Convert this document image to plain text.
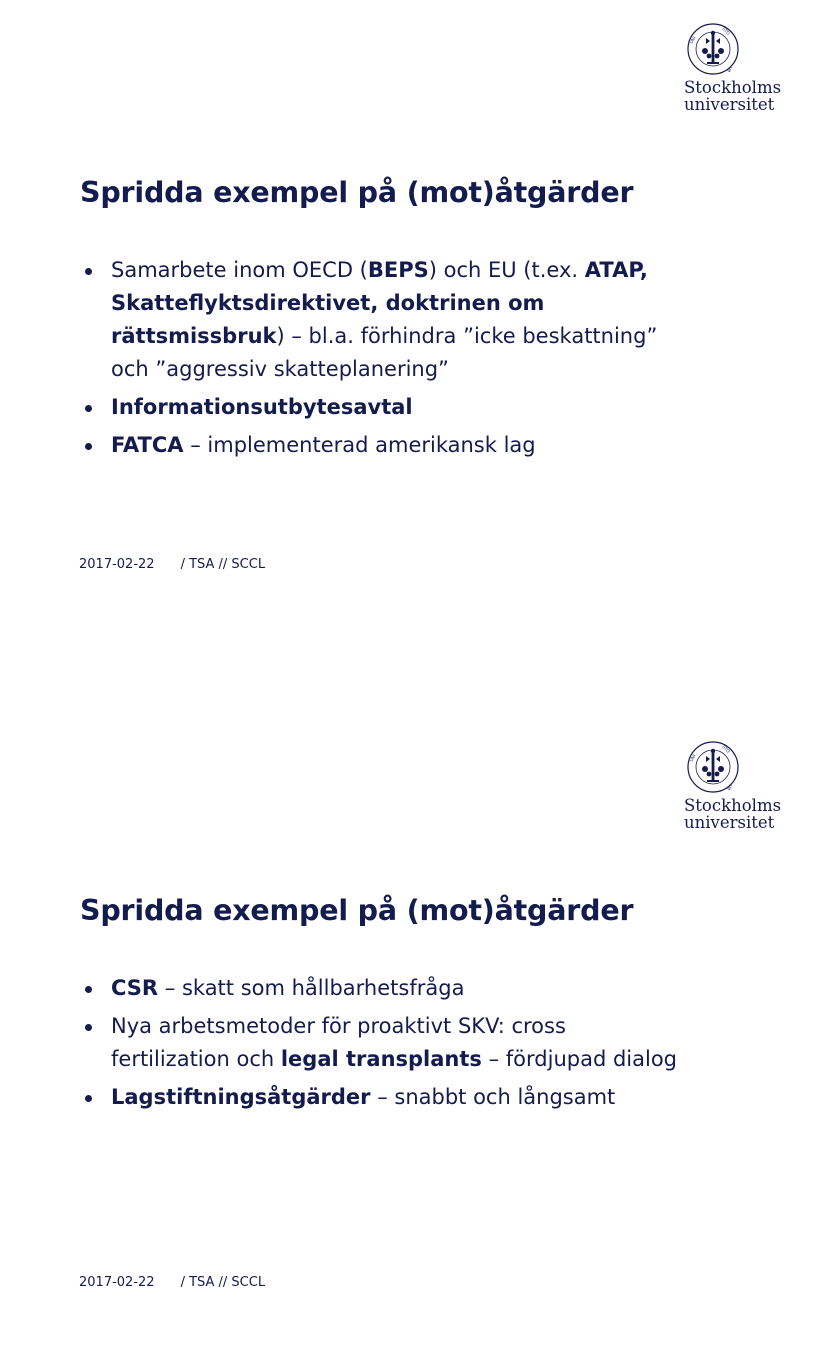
UNI
STO
LM
Stockholms
universitet
Spridda exempel på (mot)åtgärder
Samarbete inom OECD (BEPS) och EU (t.ex. ATAP, Skatteflyktsdirektivet, doktrinen om rättsmissbruk) – bl.a. förhindra ”icke beskattning” och ”aggressiv skatteplanering”
Informationsutbytesavtal
FATCA – implementerad amerikansk lag
2017-02-22 / TSA // SCCL
UNI
STO
LM
Stockholms
universitet
Spridda exempel på (mot)åtgärder
CSR – skatt som hållbarhetsfråga
Nya arbetsmetoder för proaktivt SKV: cross fertilization och legal transplants – fördjupad dialog
Lagstiftningsåtgärder – snabbt och långsamt
2017-02-22 / TSA // SCCL
